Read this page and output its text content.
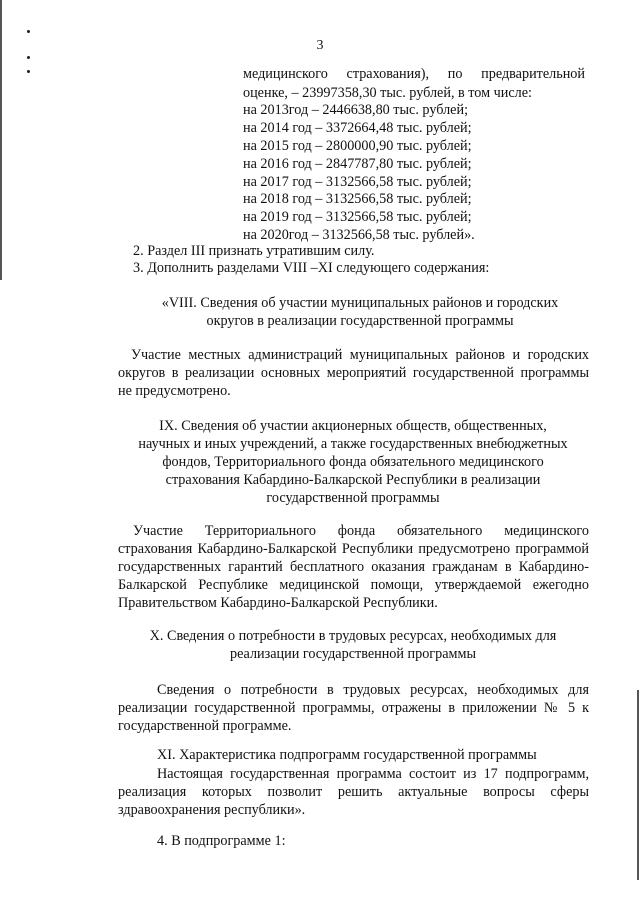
3
медицинского страхования), по предварительной
оценке, – 23997358,30 тыс. рублей, в том числе:
на 2013год – 2446638,80 тыс. рублей;
на 2014 год – 3372664,48 тыс. рублей;
на 2015 год – 2800000,90 тыс. рублей;
на 2016 год – 2847787,80 тыс. рублей;
на 2017 год – 3132566,58 тыс. рублей;
на 2018 год – 3132566,58 тыс. рублей;
на 2019 год – 3132566,58 тыс. рублей;
на 2020год – 3132566,58 тыс. рублей».
2. Раздел III признать утратившим силу.
3. Дополнить разделами VIII –XI следующего содержания:
«VIII. Сведения об участии муниципальных районов и городских
округов в реализации государственной программы
Участие местных администраций муниципальных районов и городских
округов в реализации основных мероприятий государственной программы
не предусмотрено.
IX. Сведения об участии акционерных обществ, общественных,
научных и иных учреждений, а также государственных внебюджетных
фондов, Территориального фонда обязательного медицинского
страхования Кабардино-Балкарской Республики в реализации
государственной программы
Участие Территориального фонда обязательного медицинского
страхования Кабардино-Балкарской Республики предусмотрено программой
государственных гарантий бесплатного оказания гражданам в Кабардино-
Балкарской Республике медицинской помощи, утверждаемой ежегодно
Правительством Кабардино-Балкарской Республики.
X. Сведения о потребности в трудовых ресурсах, необходимых для
реализации государственной программы
Сведения о потребности в трудовых ресурсах, необходимых для
реализации государственной программы, отражены в приложении № 5 к
государственной программе.
XI. Характеристика подпрограмм государственной программы
Настоящая государственная программа состоит из 17 подпрограмм,
реализация которых позволит решить актуальные вопросы сферы
здравоохранения республики».
4. В подпрограмме 1:
